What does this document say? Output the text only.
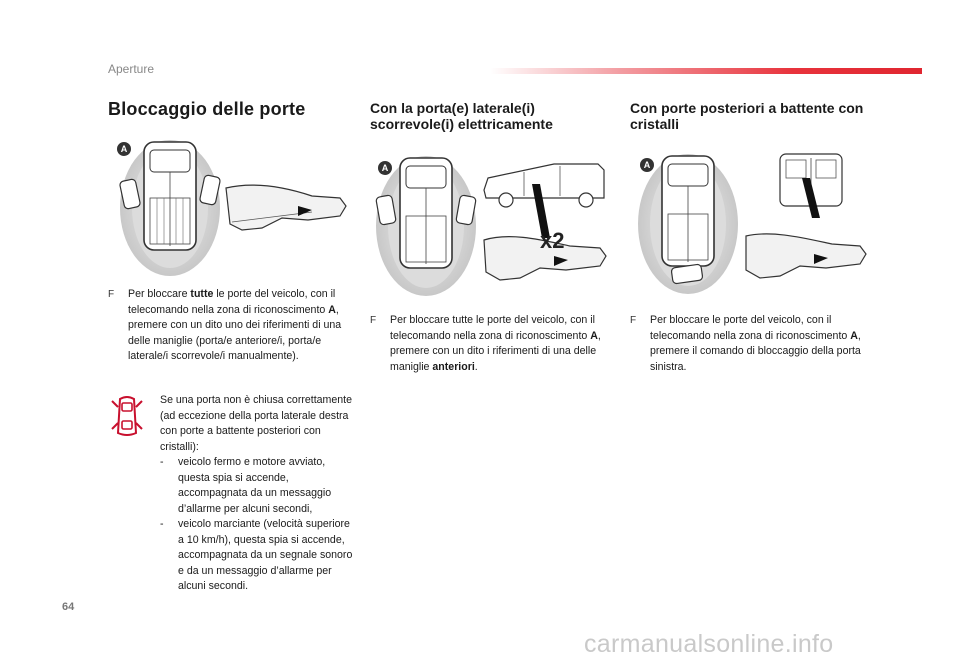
Aperture
Bloccaggio delle porte	Con la porta(e) laterale(i) scorrevole(i) elettricamente
Con porte posteriori a battente con cristalli
A
A
x2
A
F Per bloccare tutte le porte del veicolo, con il telecomando nella zona di riconoscimento A, premere con un dito uno dei riferimenti di una delle maniglie (porta/e anteriore/i, porta/e laterale/i scorrevole/i manualmente).
F Per bloccare tutte le porte del veicolo, con il telecomando nella zona di riconoscimento A, premere con un dito i riferimenti di una delle maniglie anteriori.
F Per bloccare le porte del veicolo, con il telecomando nella zona di riconoscimento A, premere il comando di bloccaggio della porta sinistra.
Se una porta non è chiusa correttamente (ad eccezione della porta laterale destra con porte a battente posteriori con cristalli):
- veicolo fermo e motore avviato, questa spia si accende, accompagnata da un messaggio d’allarme per alcuni secondi,
- veicolo marciante (velocità superiore a 10 km/h), questa spia si accende, accompagnata da un segnale sonoro e da un messaggio d’allarme per alcuni secondi.
64
carmanualsonline.info
